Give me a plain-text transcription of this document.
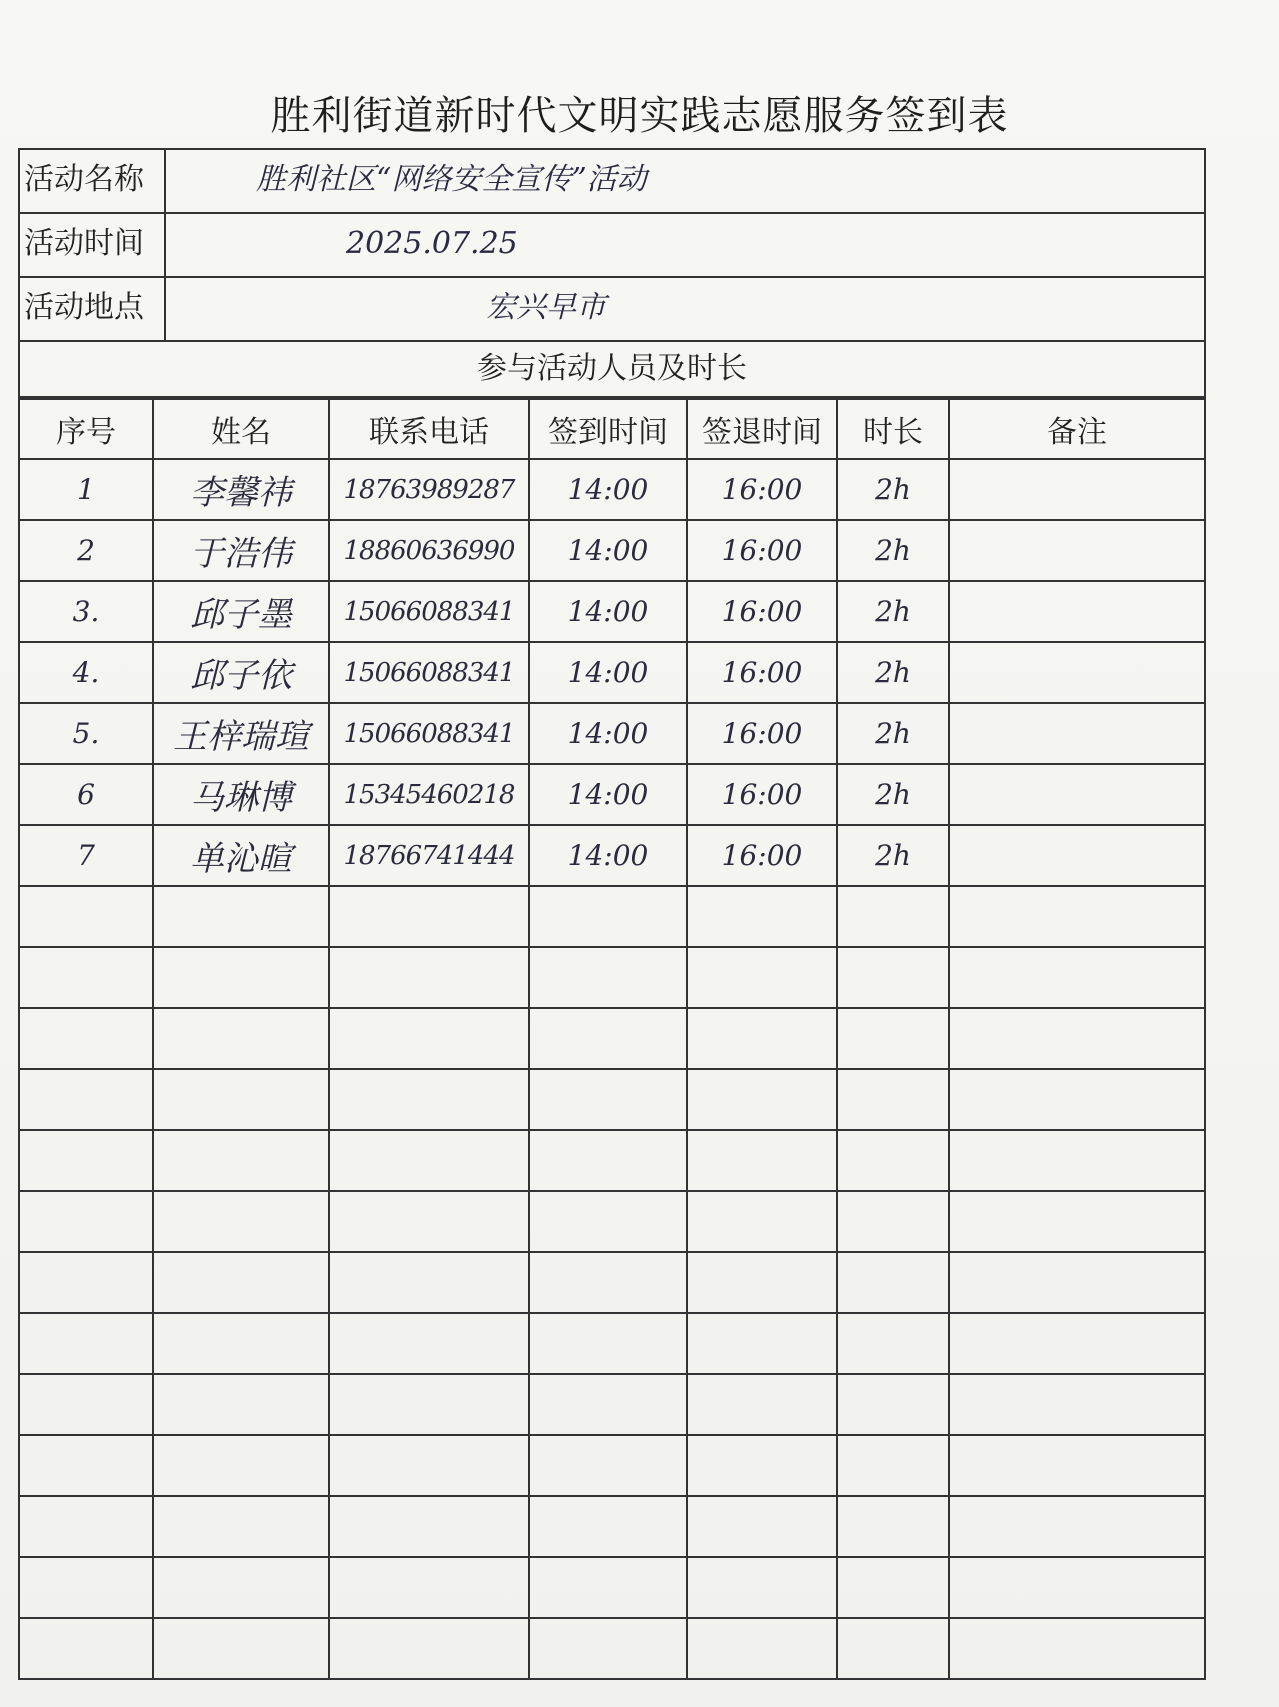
胜利街道新时代文明实践志愿服务签到表
活动名称	胜利社区“网络安全宣传”活动
活动时间	2025.07.25
活动地点	宏兴早市
参与活动人员及时长
序号	姓名	联系电话	签到时间	签退时间	时长	备注
1	李馨祎	18763989287	14:00	16:00	2h	
2	于浩伟	18860636990	14:00	16:00	2h	
3.	邱子墨	15066088341	14:00	16:00	2h	
4.	邱子依	15066088341	14:00	16:00	2h	
5.	王梓瑞瑄	15066088341	14:00	16:00	2h	
6	马琳博	15345460218	14:00	16:00	2h	
7	单沁暄	18766741444	14:00	16:00	2h	
